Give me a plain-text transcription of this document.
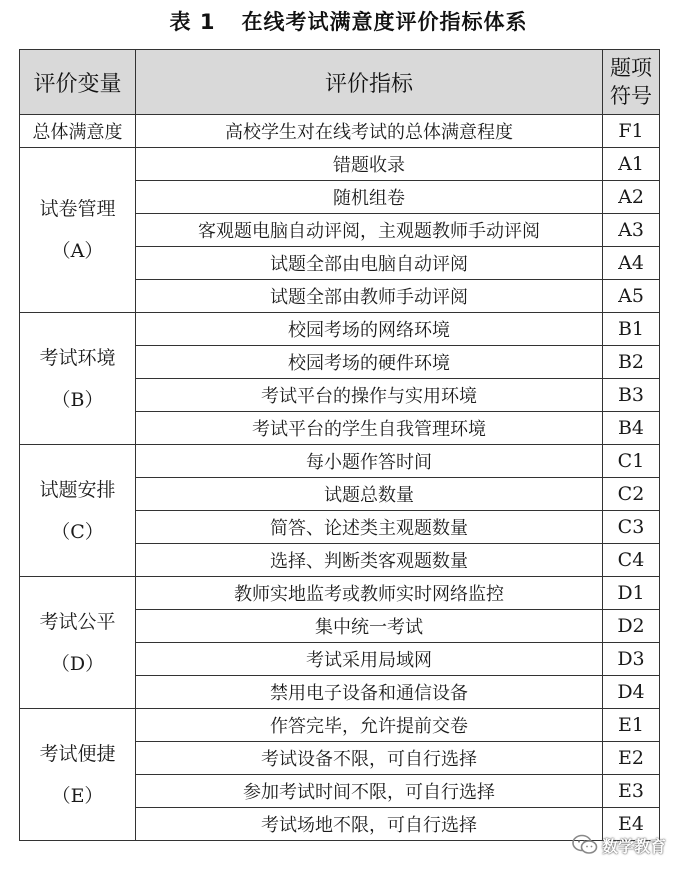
表 1 在线考试满意度评价指标体系
评价变量	评价指标	题项
符号
总体满意度	高校学生对在线考试的总体满意程度	F1

试卷管理
（A）	错题收录	A1
	随机组卷	A2
	客观题电脑自动评阅，主观题教师手动评阅	A3
	试题全部由电脑自动评阅	A4
	试题全部由教师手动评阅	A5

考试环境
（B）	校园考场的网络环境	B1
	校园考场的硬件环境	B2
	考试平台的操作与实用环境	B3
	考试平台的学生自我管理环境	B4

试题安排
（C）	每小题作答时间	C1
	试题总数量	C2
	简答、论述类主观题数量	C3
	选择、判断类客观题数量	C4

考试公平
（D）	教师实地监考或教师实时网络监控	D1
	集中统一考试	D2
	考试采用局域网	D3
	禁用电子设备和通信设备	D4

考试便捷
（E）	作答完毕，允许提前交卷	E1
	考试设备不限，可自行选择	E2
	参加考试时间不限，可自行选择	E3
	考试场地不限，可自行选择	E4
数学教育
